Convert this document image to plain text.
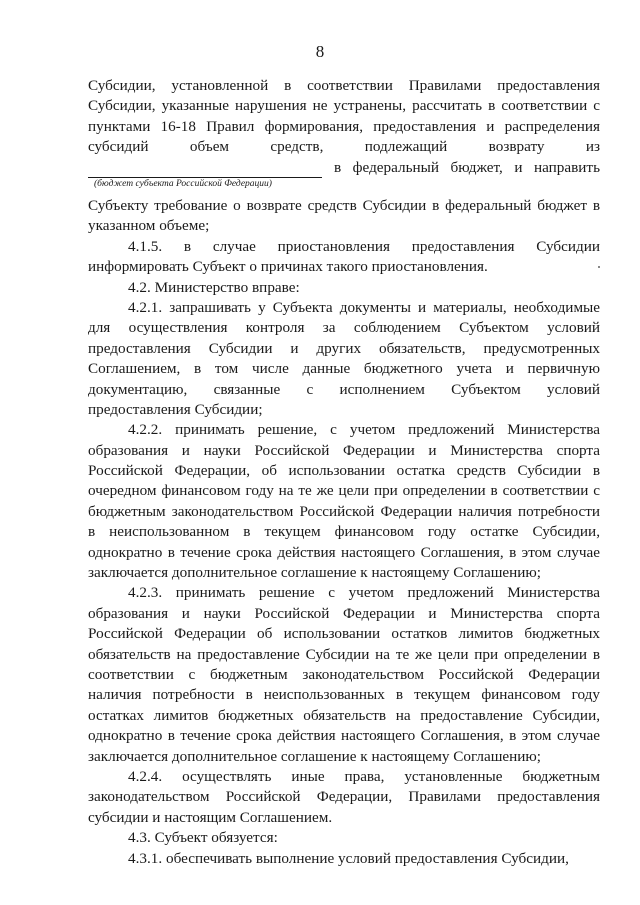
8
Субсидии, установленной в соответствии Правилами предоставления
Субсидии, указанные нарушения не устранены, рассчитать в соответствии с
пунктами 16-18 Правил формирования, предоставления и распределения
субсидий объем средств, подлежащий возврату из
в федеральный бюджет, и направить
(бюджет субъекта Российской Федерации)
Субъекту требование о возврате средств Субсидии в федеральный бюджет в
указанном объеме;
4.1.5. в случае приостановления предоставления Субсидии
информировать Субъект о причинах такого приостановления.
4.2. Министерство вправе:
4.2.1. запрашивать у Субъекта документы и материалы, необходимые
для осуществления контроля за соблюдением Субъектом условий
предоставления Субсидии и других обязательств, предусмотренных
Соглашением, в том числе данные бюджетного учета и первичную
документацию, связанные с исполнением Субъектом условий
предоставления Субсидии;
4.2.2. принимать решение, с учетом предложений Министерства
образования и науки Российской Федерации и Министерства спорта
Российской Федерации, об использовании остатка средств Субсидии в
очередном финансовом году на те же цели при определении в соответствии с
бюджетным законодательством Российской Федерации наличия потребности
в неиспользованном в текущем финансовом году остатке Субсидии,
однократно в течение срока действия настоящего Соглашения, в этом случае
заключается дополнительное соглашение к настоящему Соглашению;
4.2.3. принимать решение с учетом предложений Министерства
образования и науки Российской Федерации и Министерства спорта
Российской Федерации об использовании остатков лимитов бюджетных
обязательств на предоставление Субсидии на те же цели при определении в
соответствии с бюджетным законодательством Российской Федерации
наличия потребности в неиспользованных в текущем финансовом году
остатках лимитов бюджетных обязательств на предоставление Субсидии,
однократно в течение срока действия настоящего Соглашения, в этом случае
заключается дополнительное соглашение к настоящему Соглашению;
4.2.4. осуществлять иные права, установленные бюджетным
законодательством Российской Федерации, Правилами предоставления
субсидии и настоящим Соглашением.
4.3. Субъект обязуется:
4.3.1. обеспечивать выполнение условий предоставления Субсидии,
